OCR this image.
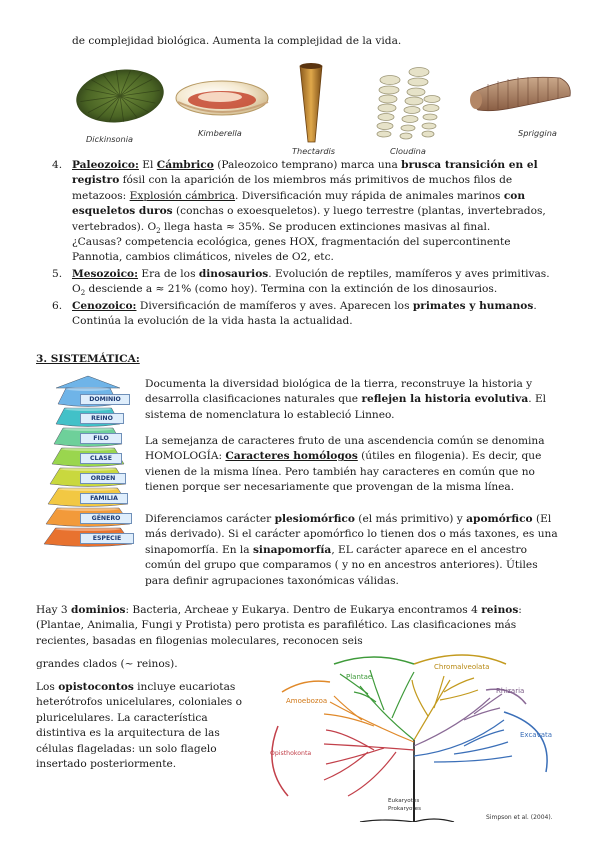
de complejidad biológica. Aumenta la complejidad de la vida.

Dickinsonia
Kimberella
Thectardis	Cloudina
Spriggina
4. Paleozoico: El Cámbrico (Paleozoico temprano) marca una brusca transición en el registro fósil con la aparición de los miembros más primitivos de muchos filos de metazoos: Explosión cámbrica. Diversificación muy rápida de animales marinos con esqueletos duros (conchas o exoesqueletos). y luego terrestre (plantas, invertebrados, vertebrados). $O_2$ llega hasta ≈ 35%. Se producen extinciones masivas al final.

¿Causas? competencia ecológica, genes HOX, fragmentación del supercontinente Pannotia, cambios climáticos, niveles de O2, etc.

5. Mesozoico: Era de los dinosaurios. Evolución de reptiles, mamíferos y aves primitivas. $O_2$ desciende a ≈ 21% (como hoy). Termina con la extinción de los dinosaurios.

6. Cenozoico: Diversificación de mamíferos y aves. Aparecen los primates y humanos. Continúa la evolución de la vida hasta la actualidad.

3. SISTEMÁTICA:

DOMINIO
REINO
FILO
CLASE
ORDEN
FAMILIA
GÉNERO
ESPECIE

Documenta la diversidad biológica de la tierra, reconstruye la historia y desarrolla clasificaciones naturales que reflejen la historia evolutiva. El sistema de nomenclatura lo estableció Linneo.

La semejanza de caracteres fruto de una ascendencia común se denomina HOMOLOGÍA: Caracteres homólogos (útiles en filogenia). Es decir, que vienen de la misma línea. Pero también hay caracteres en común que no tienen porque ser necesariamente que provengan de la misma línea.

Diferenciamos carácter plesiomórfico (el más primitivo) y apomórfico (El más derivado). Si el carácter apomórfico lo tienen dos o más taxones, es una sinapomorfía. En la sinapomorfía, EL carácter aparece en el ancestro común del grupo que comparamos ( y no en ancestros anteriores). Útiles para definir agrupaciones taxonómicas válidas.

Hay 3 dominios: Bacteria, Archeae y Eukarya. Dentro de Eukarya encontramos 4 reinos: (Plantae, Animalia, Fungi y Protista) pero protista es parafilético. Las clasificaciones más recientes, basadas en filogenias moleculares, reconocen seis

grandes clados (~ reinos).

Los opistocontos incluye eucariotas heterótrofos unicelulares, coloniales o pluricelulares. La característica distintiva es la arquitectura de las células flageladas: un solo flagelo insertado posteriormente.

Plantae
Chromalveolata
Rhizaria
Excavata
Amoebozoa
Opisthokonta
Eukaryotes
Prokaryotes
Simpson et al. (2004).
